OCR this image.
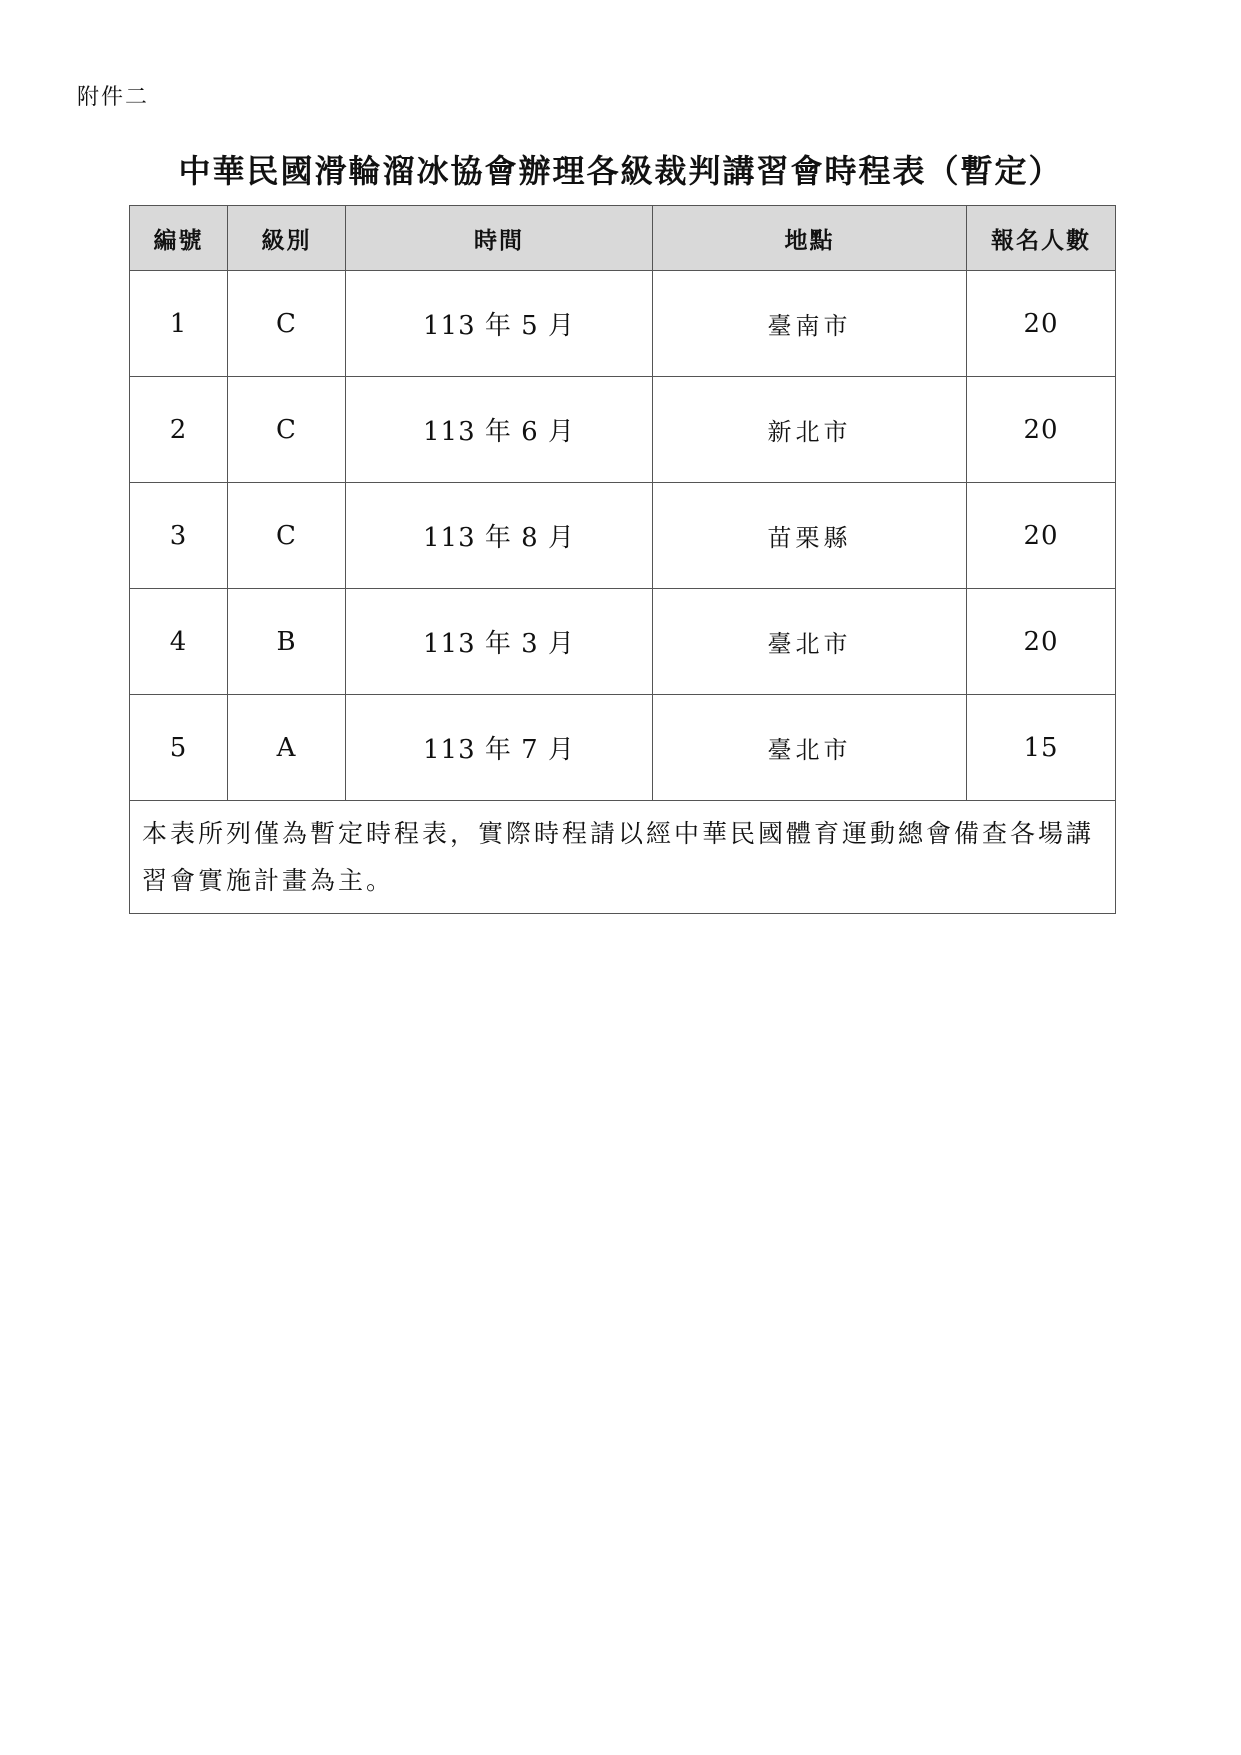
附件二
中華民國滑輪溜冰協會辦理各級裁判講習會時程表（暫定）
編號	級別	時間	地點	報名人數
1	C	113 年 5 月	臺南市	20
2	C	113 年 6 月	新北市	20
3	C	113 年 8 月	苗栗縣	20
4	B	113 年 3 月	臺北市	20
5	A	113 年 7 月	臺北市	15
本表所列僅為暫定時程表，實際時程請以經中華民國體育運動總會備查各場講習會實施計畫為主。				
